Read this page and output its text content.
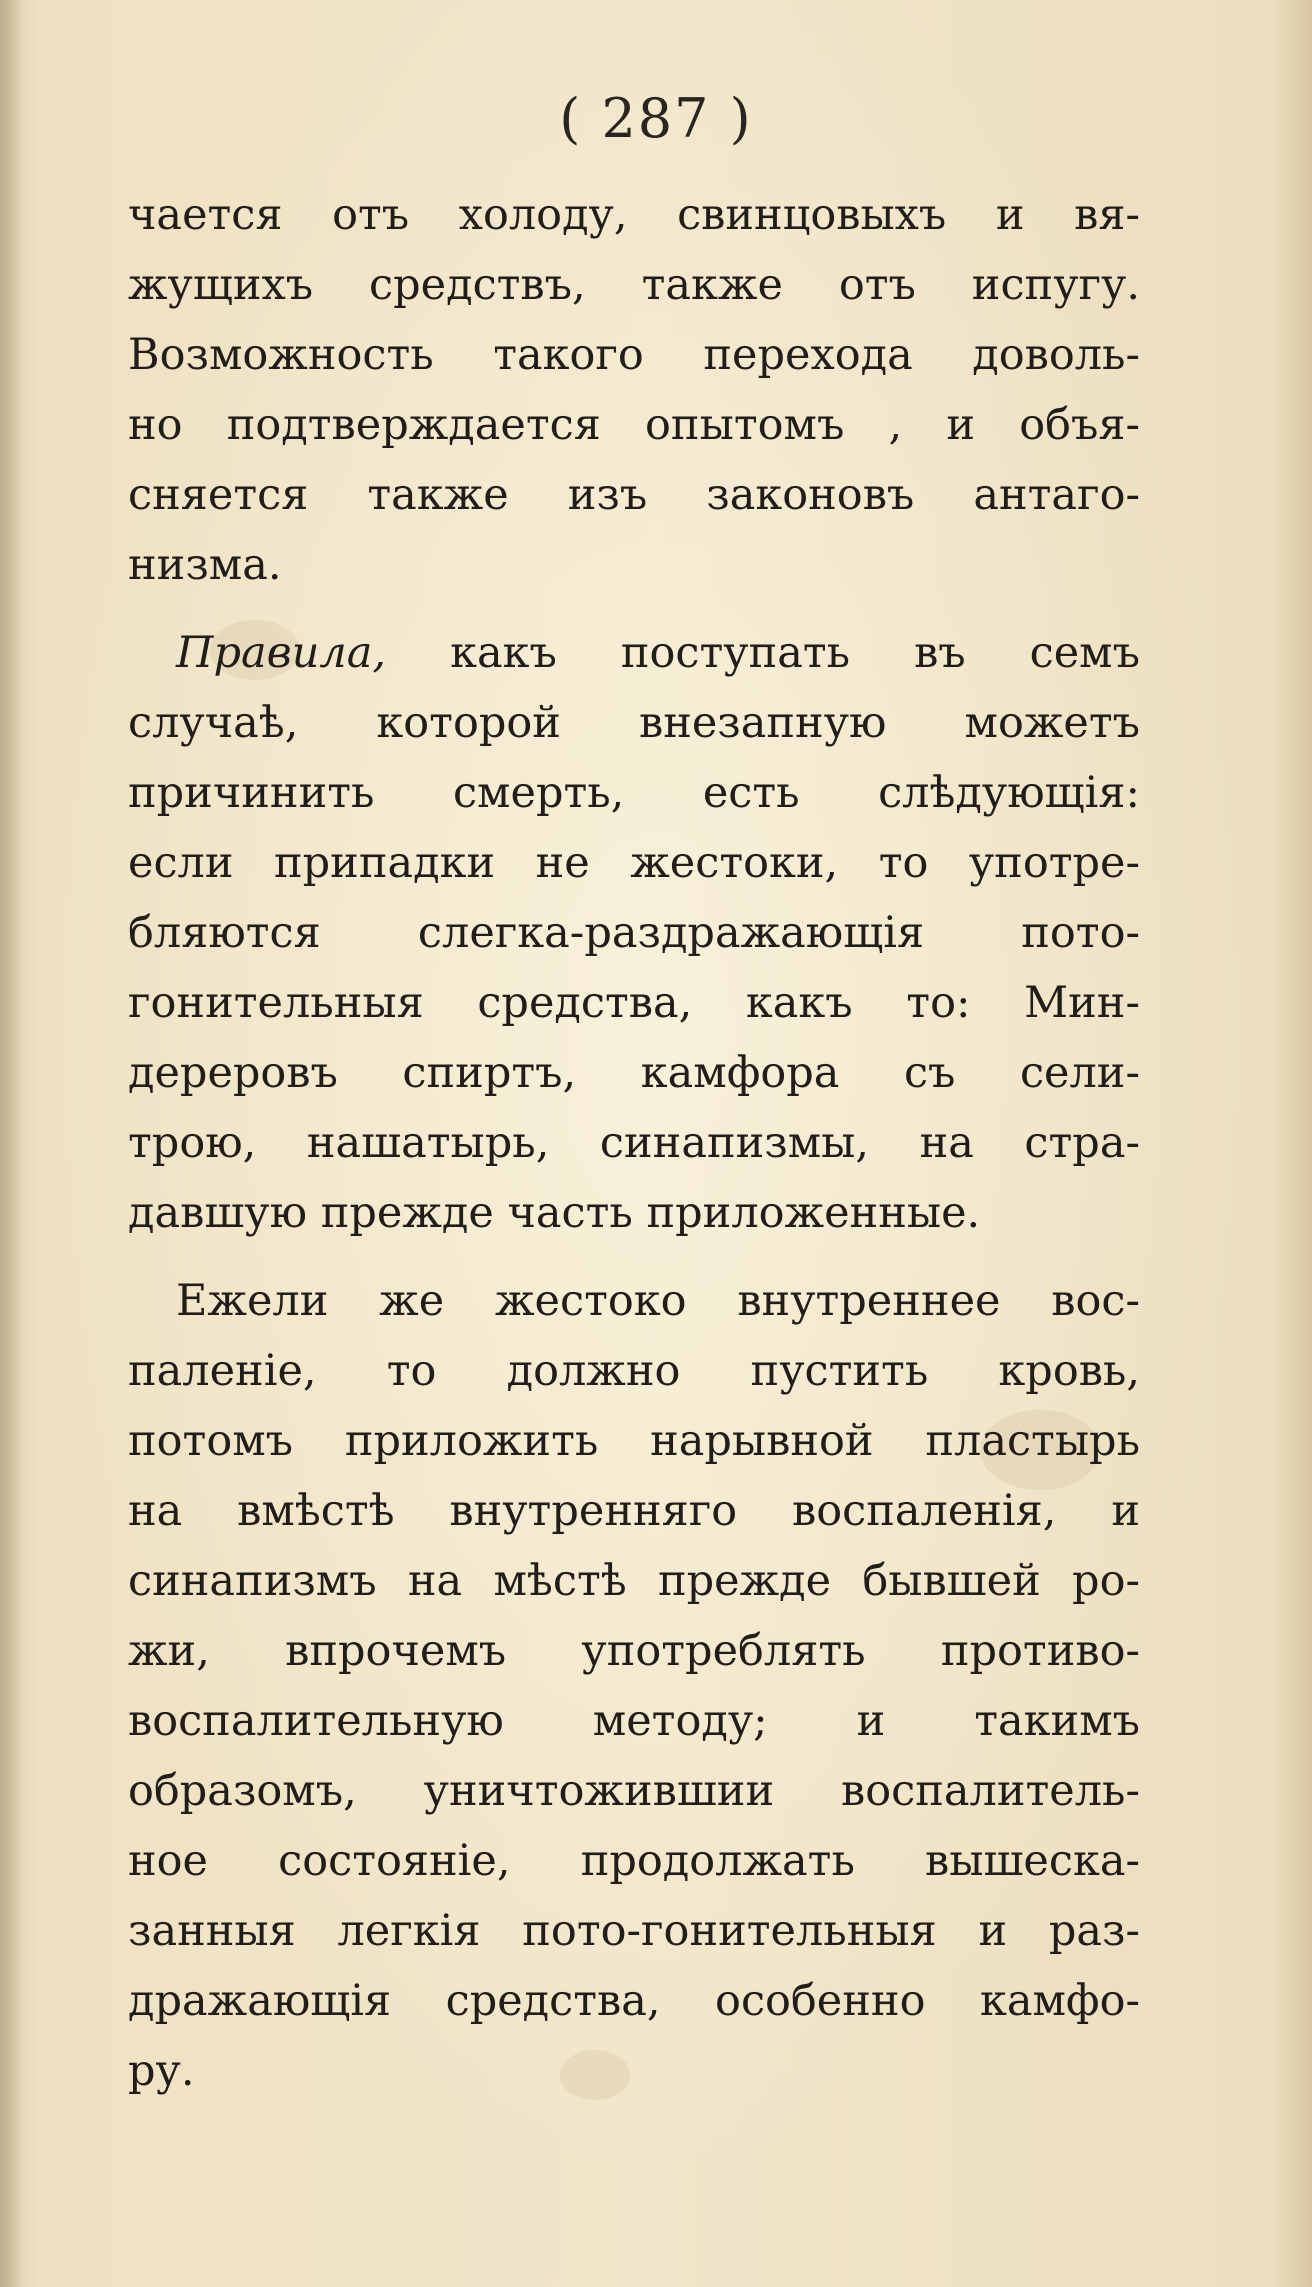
( 287 )
чается отъ холоду, свинцовыхъ и вя-
жущихъ средствъ, также отъ испугу.
Возможность такого перехода доволь-
но подтверждается опытомъ , и объя-
сняется также изъ законовъ антаго-
низма.
Правила, какъ поступать въ семъ
случаѣ, которой внезапную можетъ
причинить смерть, есть слѣдующія:
если припадки не жестоки, то употре-
бляются слегка-раздражающія потo-
гонительныя средства, какъ то: Мин-
дереровъ спиртъ, камфора съ сели-
трою, нашатырь, синапизмы, на стра-
давшую прежде часть приложенные.
Ежели же жестоко внутреннее вос-
паленіе, то должно пустить кровь,
потомъ приложить нарывной пластырь
на вмѣстѣ внутренняго воспаленія, и
синапизмъ на мѣстѣ прежде бывшей ро-
жи, впрочемъ употреблять противо-
воспалительную методу; и такимъ
образомъ, уничтожившии воспалитель-
ное состояніе, продолжать вышеска-
занныя легкія пото-гонительныя и раз-
дражающія средства, особенно камфо-
ру.
